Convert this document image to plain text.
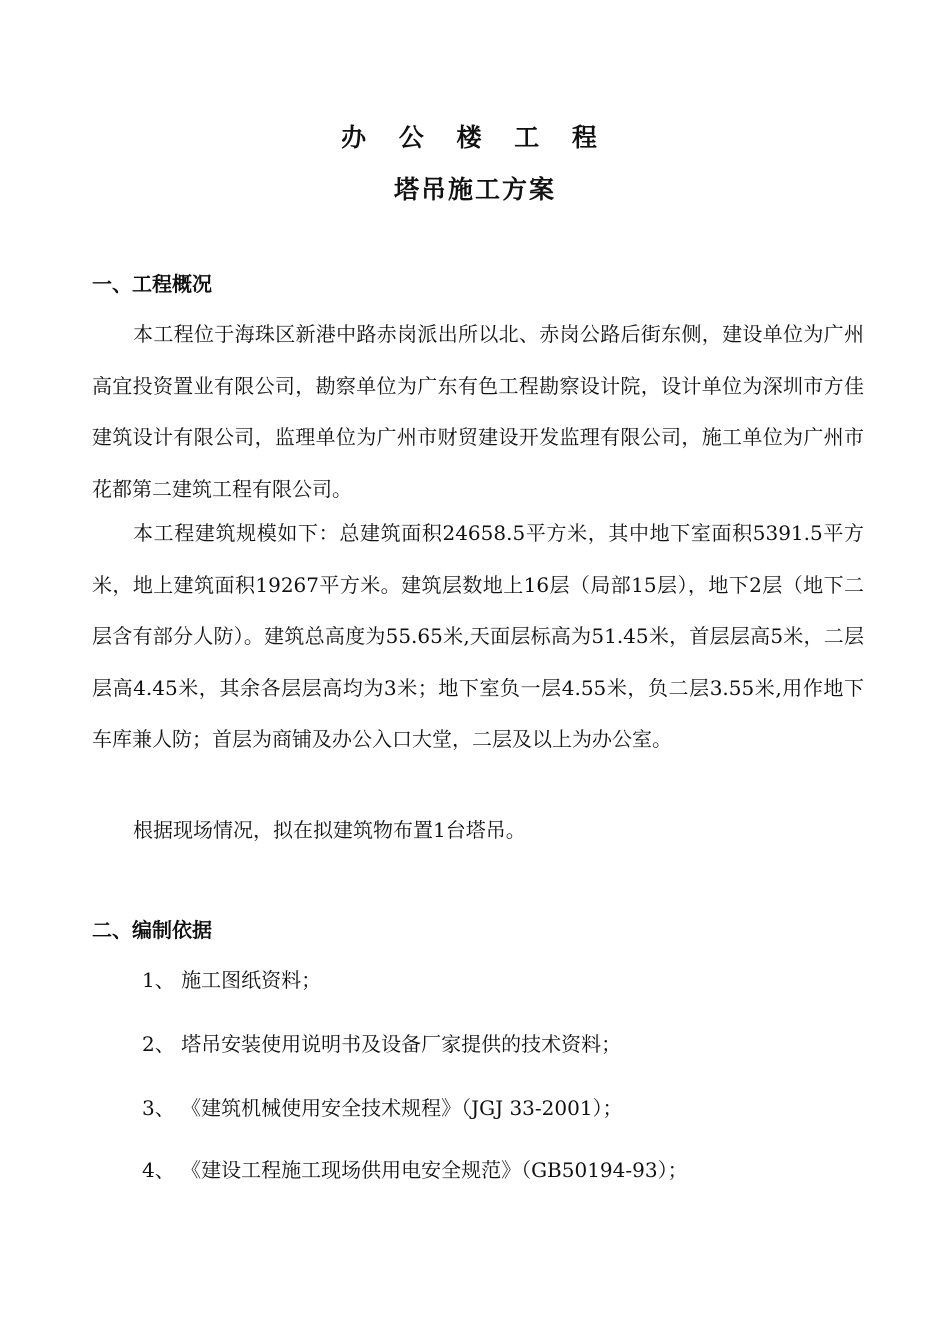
办 公 楼 工 程
塔吊施工方案
一、工程概况

本工程位于海珠区新港中路赤岗派出所以北、赤岗公路后街东侧，建设单位为广州高宜投资置业有限公司，勘察单位为广东有色工程勘察设计院，设计单位为深圳市方佳建筑设计有限公司，监理单位为广州市财贸建设开发监理有限公司，施工单位为广州市花都第二建筑工程有限公司。

本工程建筑规模如下：总建筑面积24658.5平方米，其中地下室面积5391.5平方米，地上建筑面积19267平方米。建筑层数地上16层（局部15层），地下2层（地下二层含有部分人防）。建筑总高度为55.65米,天面层标高为51.45米，首层层高5米，二层层高4.45米，其余各层层高均为3米；地下室负一层4.55米，负二层3.55米,用作地下车库兼人防；首层为商铺及办公入口大堂，二层及以上为办公室。

根据现场情况，拟在拟建筑物布置1台塔吊。

二、编制依据
1、 施工图纸资料；
2、 塔吊安装使用说明书及设备厂家提供的技术资料；
3、 《建筑机械使用安全技术规程》（JGJ 33-2001）；
4、 《建设工程施工现场供用电安全规范》（GB50194-93）；
